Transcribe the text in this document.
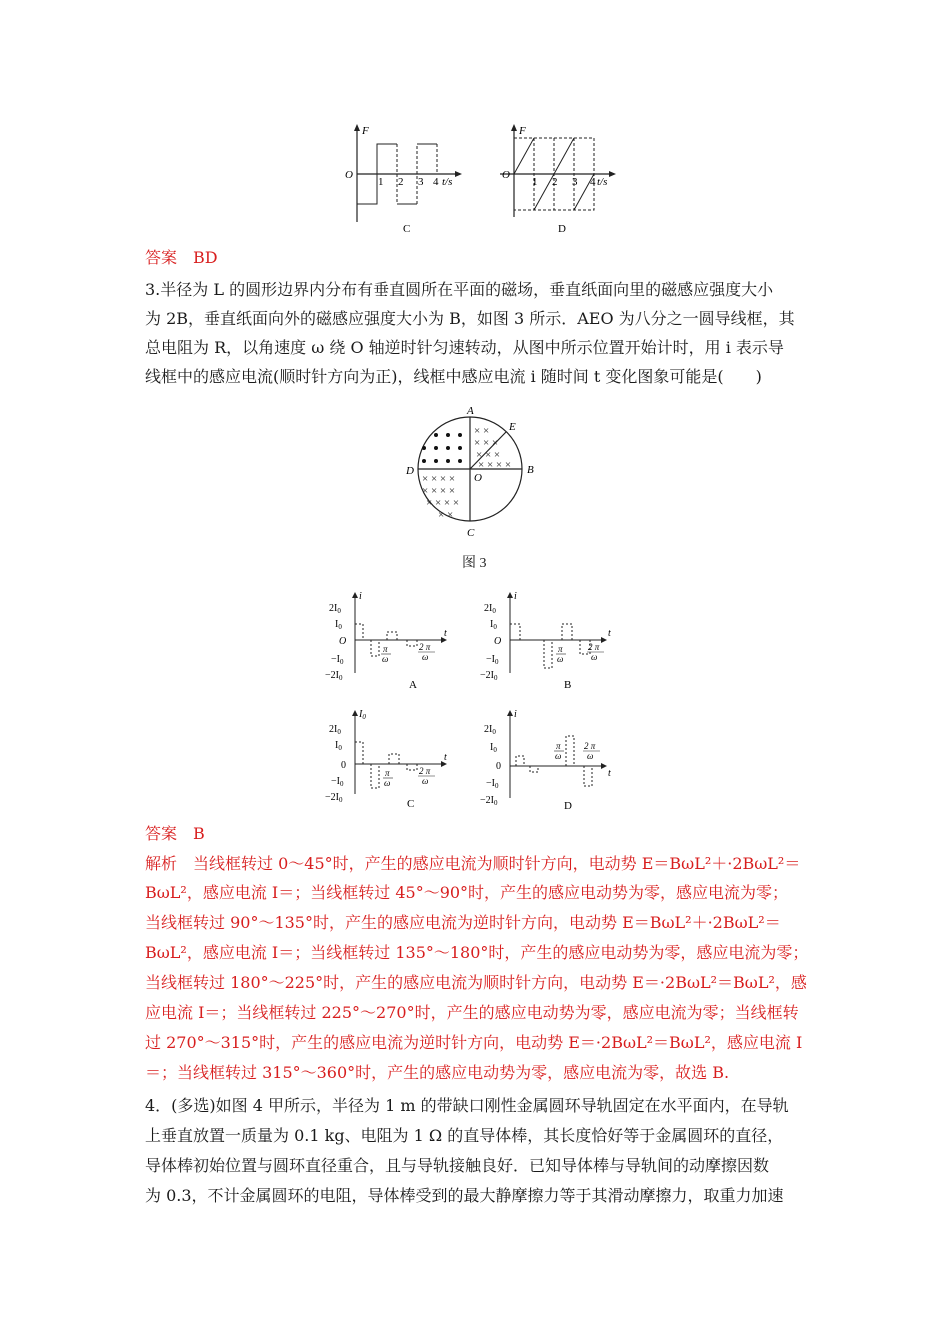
F
O
1 2 3 4 t/s
C
F
O
1 2 3 4 t/s
D
答案　BD
3.半径为 L 的圆形边界内分布有垂直圆所在平面的磁场，垂直纸面向里的磁感应强度大小
为 2B，垂直纸面向外的磁感应强度大小为 B，如图 3 所示．AEO 为八分之一圆导线框，其
总电阻为 R，以角速度 ω 绕 O 轴逆时针匀速转动，从图中所示位置开始计时，用 i 表示导
线框中的感应电流(顺时针方向为正)，线框中感应电流 i 随时间 t 变化图象可能是(　　)
× ×
× × ×
× × ×
× × × ×
× × × ×
× × × ×
× × × ×
× ×
A
E
B
D
O
C
图 3
i
$2I_0$
$I_0$
O
$-I_0$
$-2I_0$
π
ω
2 π
ω
t
A
i
$2I_0$
$I_0$
O
$-I_0$
$-2I_0$
π
ω
2 π
ω
t
B
$I_0$
$2I_0$
$I_0$
0
$-I_0$
$-2I_0$
π
ω
2 π
ω
t
C
i
$2I_0$
$I_0$
0
$-I_0$
$-2I_0$
π
ω
2 π
ω
t
D
答案　B
解析　当线框转过 0～45°时，产生的感应电流为顺时针方向，电动势 E＝BωL²＋·2BωL²＝
BωL²，感应电流 I＝；当线框转过 45°～90°时，产生的感应电动势为零，感应电流为零；
当线框转过 90°～135°时，产生的感应电流为逆时针方向，电动势 E＝BωL²＋·2BωL²＝
BωL²，感应电流 I＝；当线框转过 135°～180°时，产生的感应电动势为零，感应电流为零；
当线框转过 180°～225°时，产生的感应电流为顺时针方向，电动势 E＝·2BωL²＝BωL²，感
应电流 I＝；当线框转过 225°～270°时，产生的感应电动势为零，感应电流为零；当线框转
过 270°～315°时，产生的感应电流为逆时针方向，电动势 E＝·2BωL²＝BωL²，感应电流 I
＝；当线框转过 315°～360°时，产生的感应电动势为零，感应电流为零，故选 B.
4．(多选)如图 4 甲所示，半径为 1 m 的带缺口刚性金属圆环导轨固定在水平面内，在导轨
上垂直放置一质量为 0.1 kg、电阻为 1 Ω 的直导体棒，其长度恰好等于金属圆环的直径，
导体棒初始位置与圆环直径重合，且与导轨接触良好．已知导体棒与导轨间的动摩擦因数
为 0.3，不计金属圆环的电阻，导体棒受到的最大静摩擦力等于其滑动摩擦力，取重力加速
